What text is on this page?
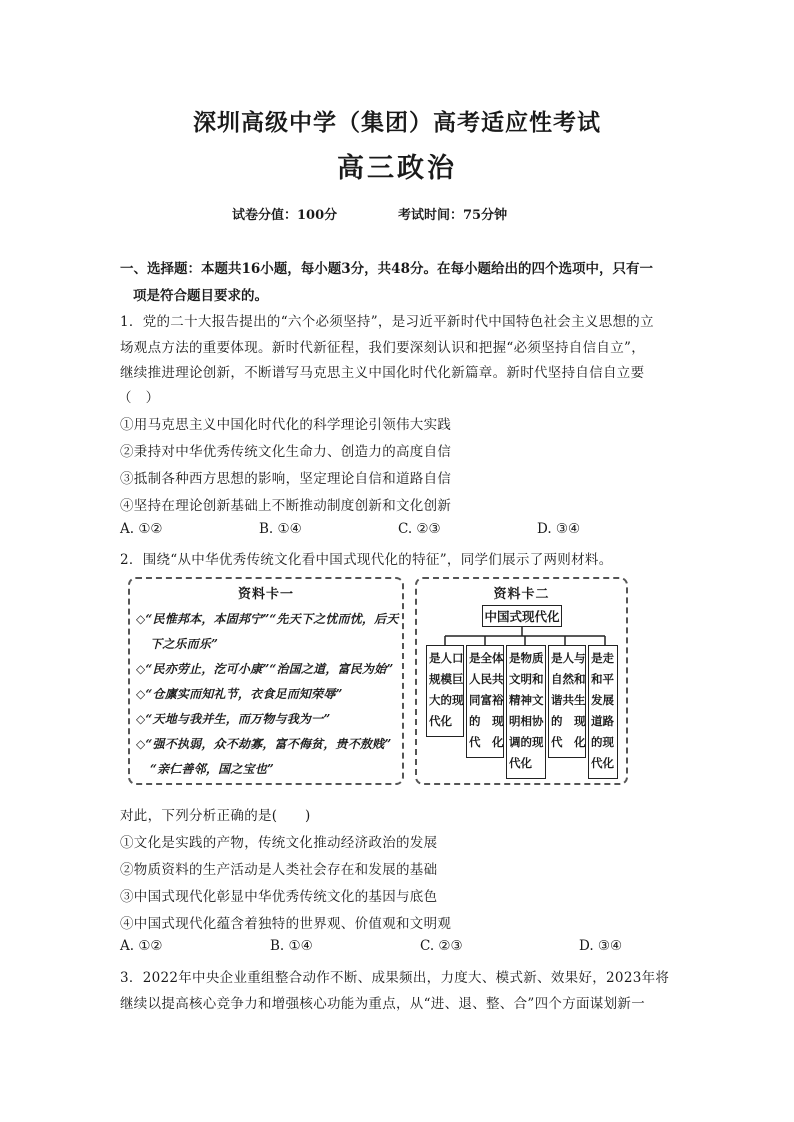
深圳高级中学（集团）高考适应性考试
高三政治
试卷分值：100分	考试时间：75分钟
一、选择题：本题共16小题，每小题3分，共48分。在每小题给出的四个选项中，只有一
项是符合题目要求的。
1．党的二十大报告提出的“六个必须坚持”，是习近平新时代中国特色社会主义思想的立
场观点方法的重要体现。新时代新征程，我们要深刻认识和把握“必须坚持自信自立”，
继续推进理论创新，不断谱写马克思主义中国化时代化新篇章。新时代坚持自信自立要
（　）
①用马克思主义中国化时代化的科学理论引领伟大实践
②秉持对中华优秀传统文化生命力、创造力的高度自信
③抵制各种西方思想的影响，坚定理论自信和道路自信
④坚持在理论创新基础上不断推动制度创新和文化创新
A. ①②	B. ①④	C. ②③	D. ③④
2．围绕“从中华优秀传统文化看中国式现代化的特征”，同学们展示了两则材料。
资料卡一
◇“民惟邦本，本固邦宁”“先天下之忧而忧，后天
下之乐而乐”
◇“民亦劳止，汔可小康”“治国之道，富民为始”
◇“仓廪实而知礼节，衣食足而知荣辱”
◇“天地与我并生，而万物与我为一”
◇“强不执弱，众不劫寡，富不侮贫，贵不敖贱”
“亲仁善邻，国之宝也”
资料卡二
中国式现代化
是人口
规模巨
大的现
代化
是全体
人民共
同富裕
的　现
代　化
是物质
文明和
精神文
明相协
调的现
代化
是人与
自然和
谐共生
的　现
代　化
是走
和平
发展
道路
的现
代化
对此，下列分析正确的是(　　)
①文化是实践的产物，传统文化推动经济政治的发展
②物质资料的生产活动是人类社会存在和发展的基础
③中国式现代化彰显中华优秀传统文化的基因与底色
④中国式现代化蕴含着独特的世界观、价值观和文明观
A. ①②	B. ①④	C. ②③	D. ③④
3．2022年中央企业重组整合动作不断、成果频出，力度大、模式新、效果好，2023年将
继续以提高核心竞争力和增强核心功能为重点，从“进、退、整、合”四个方面谋划新一
